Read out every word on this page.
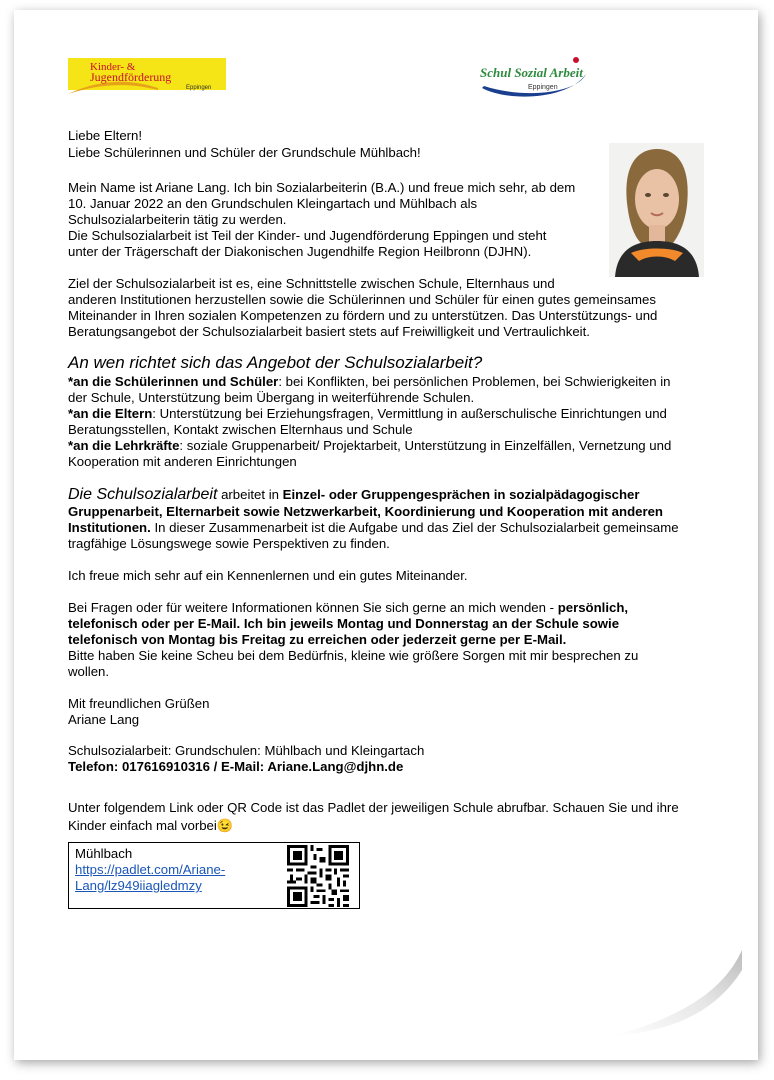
Kinder- &
Jugendförderung
Eppingen
Schul Sozial Arbeit
Eppingen
Liebe Eltern!
Liebe Schülerinnen und Schüler der Grundschule Mühlbach!
Mein Name ist Ariane Lang. Ich bin Sozialarbeiterin (B.A.) und freue mich sehr, ab dem
10. Januar 2022 an den Grundschulen Kleingartach und Mühlbach als
Schulsozialarbeiterin tätig zu werden.
Die Schulsozialarbeit ist Teil der Kinder- und Jugendförderung Eppingen und steht
unter der Trägerschaft der Diakonischen Jugendhilfe Region Heilbronn (DJHN).
Ziel der Schulsozialarbeit ist es, eine Schnittstelle zwischen Schule, Elternhaus und
anderen Institutionen herzustellen sowie die Schülerinnen und Schüler für einen gutes gemeinsames
Miteinander in Ihren sozialen Kompetenzen zu fördern und zu unterstützen. Das Unterstützungs- und
Beratungsangebot der Schulsozialarbeit basiert stets auf Freiwilligkeit und Vertraulichkeit.
An wen richtet sich das Angebot der Schulsozialarbeit?
*an die Schülerinnen und Schüler: bei Konflikten, bei persönlichen Problemen, bei Schwierigkeiten in
der Schule, Unterstützung beim Übergang in weiterführende Schulen.
*an die Eltern: Unterstützung bei Erziehungsfragen, Vermittlung in außerschulische Einrichtungen und
Beratungsstellen, Kontakt zwischen Elternhaus und Schule
*an die Lehrkräfte: soziale Gruppenarbeit/ Projektarbeit, Unterstützung in Einzelfällen, Vernetzung und
Kooperation mit anderen Einrichtungen
Die Schulsozialarbeit arbeitet in Einzel- oder Gruppengesprächen in sozialpädagogischer
Gruppenarbeit, Elternarbeit sowie Netzwerkarbeit, Koordinierung und Kooperation mit anderen
Institutionen. In dieser Zusammenarbeit ist die Aufgabe und das Ziel der Schulsozialarbeit gemeinsame
tragfähige Lösungswege sowie Perspektiven zu finden.
Ich freue mich sehr auf ein Kennenlernen und ein gutes Miteinander.
Bei Fragen oder für weitere Informationen können Sie sich gerne an mich wenden - persönlich,
telefonisch oder per E-Mail. Ich bin jeweils Montag und Donnerstag an der Schule sowie
telefonisch von Montag bis Freitag zu erreichen oder jederzeit gerne per E-Mail.
Bitte haben Sie keine Scheu bei dem Bedürfnis, kleine wie größere Sorgen mit mir besprechen zu
wollen.
Mit freundlichen Grüßen
Ariane Lang
Schulsozialarbeit: Grundschulen: Mühlbach und Kleingartach
Telefon: 017616910316 / E-Mail: Ariane.Lang@djhn.de
Unter folgendem Link oder QR Code ist das Padlet der jeweiligen Schule abrufbar. Schauen Sie und ihre
Kinder einfach mal vorbei😉
Mühlbach
https://padlet.com/Ariane-
Lang/lz949iiagledmzy
